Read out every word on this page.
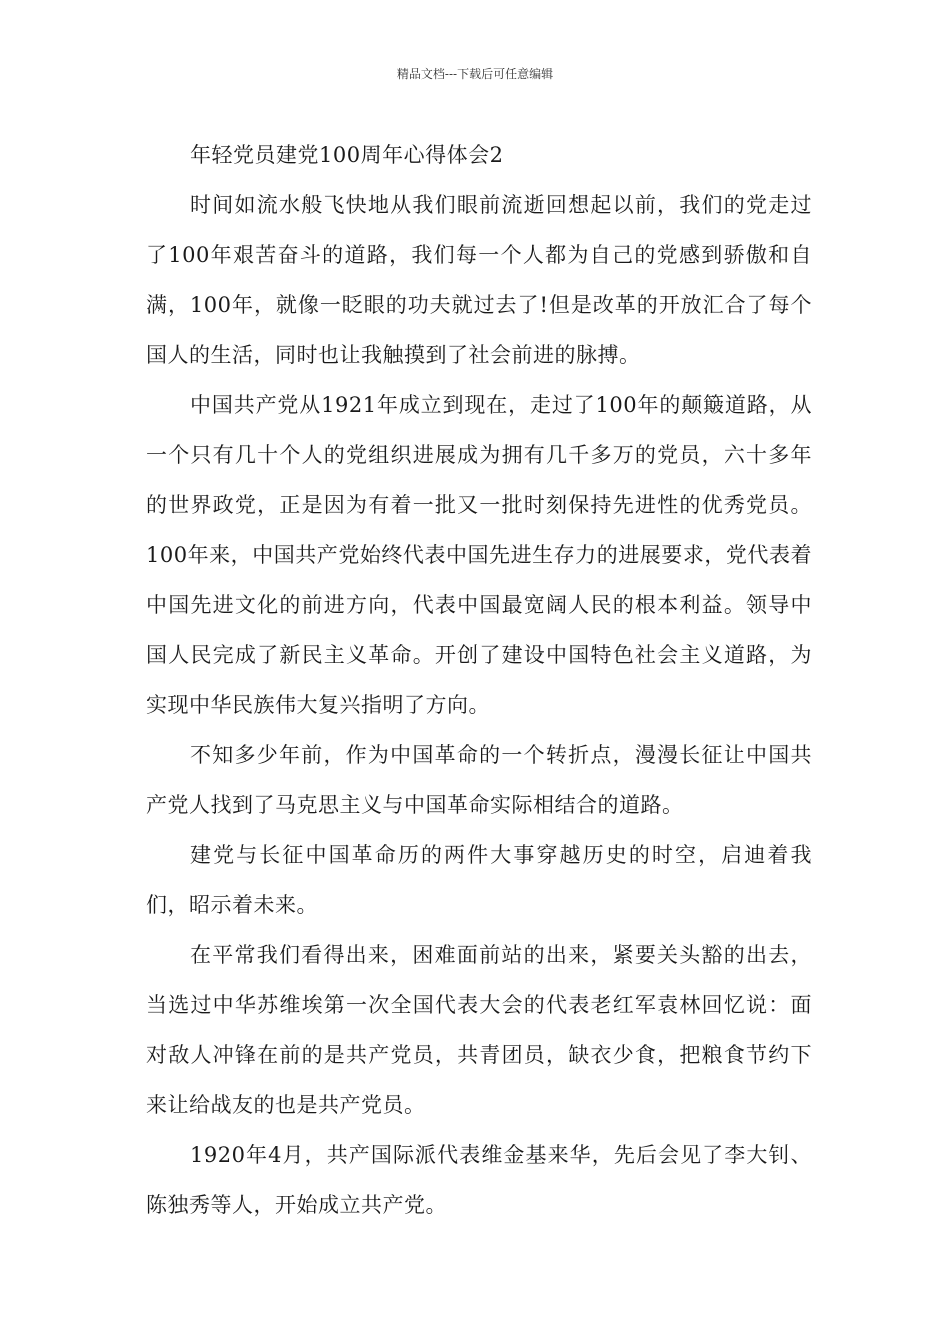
精品文档---下载后可任意编辑
年轻党员建党100周年心得体会2

时间如流水般飞快地从我们眼前流逝回想起以前，我们的党走过了100年艰苦奋斗的道路，我们每一个人都为自己的党感到骄傲和自满，100年，就像一眨眼的功夫就过去了!但是改革的开放汇合了每个国人的生活，同时也让我触摸到了社会前进的脉搏。

中国共产党从1921年成立到现在，走过了100年的颠簸道路，从一个只有几十个人的党组织进展成为拥有几千多万的党员，六十多年的世界政党，正是因为有着一批又一批时刻保持先进性的优秀党员。100年来，中国共产党始终代表中国先进生存力的进展要求，党代表着中国先进文化的前进方向，代表中国最宽阔人民的根本利益。领导中国人民完成了新民主义革命。开创了建设中国特色社会主义道路，为实现中华民族伟大复兴指明了方向。

不知多少年前，作为中国革命的一个转折点，漫漫长征让中国共产党人找到了马克思主义与中国革命实际相结合的道路。

建党与长征中国革命历的两件大事穿越历史的时空，启迪着我们，昭示着未来。

在平常我们看得出来，困难面前站的出来，紧要关头豁的出去，当选过中华苏维埃第一次全国代表大会的代表老红军袁林回忆说：面对敌人冲锋在前的是共产党员，共青团员，缺衣少食，把粮食节约下来让给战友的也是共产党员。

1920年4月，共产国际派代表维金基来华，先后会见了李大钊、陈独秀等人，开始成立共产党。
